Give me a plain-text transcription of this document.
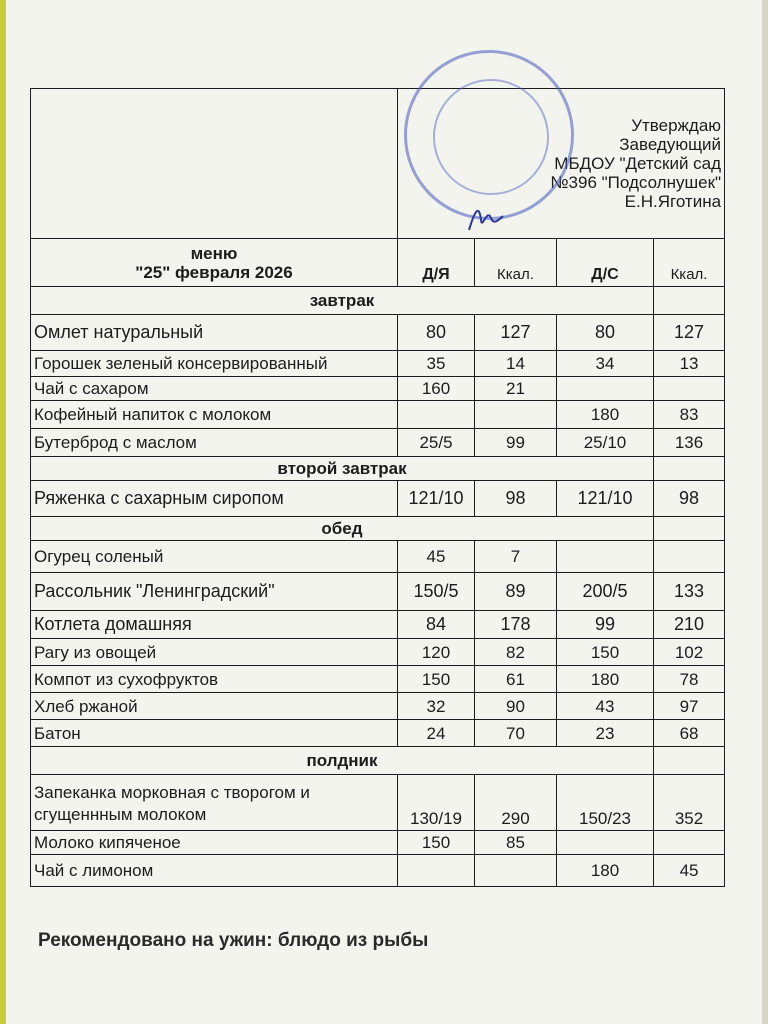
	Утверждаю
Заведующий
МБДОУ "Детский сад
№396 "Подсолнушек"
Е.Н.Яготина			

меню
"25" февраля 2026	Д/Я	Ккал.	Д/С	Ккал.
завтрак				
Омлет натуральный	80	127	80	127
Горошек зеленый консервированный	35	14	34	13
Чай с сахаром	160	21		
Кофейный напиток с молоком			180	83
Бутерброд с маслом	25/5	99	25/10	136
второй завтрак				
Ряженка с сахарным сиропом	121/10	98	121/10	98
обед				
Огурец соленый	45	7		
Рассольник "Ленинградский"	150/5	89	200/5	133
Котлета домашняя	84	178	99	210
Рагу из овощей	120	82	150	102
Компот из сухофруктов	150	61	180	78
Хлеб ржаной	32	90	43	97
Батон	24	70	23	68
полдник				

Запеканка морковная с творогом и
сгущеннным молоком	130/19	290	150/23	352
Молоко кипяченое	150	85		
Чай с лимоном			180	45
Рекомендовано на ужин: блюдо из рыбы
